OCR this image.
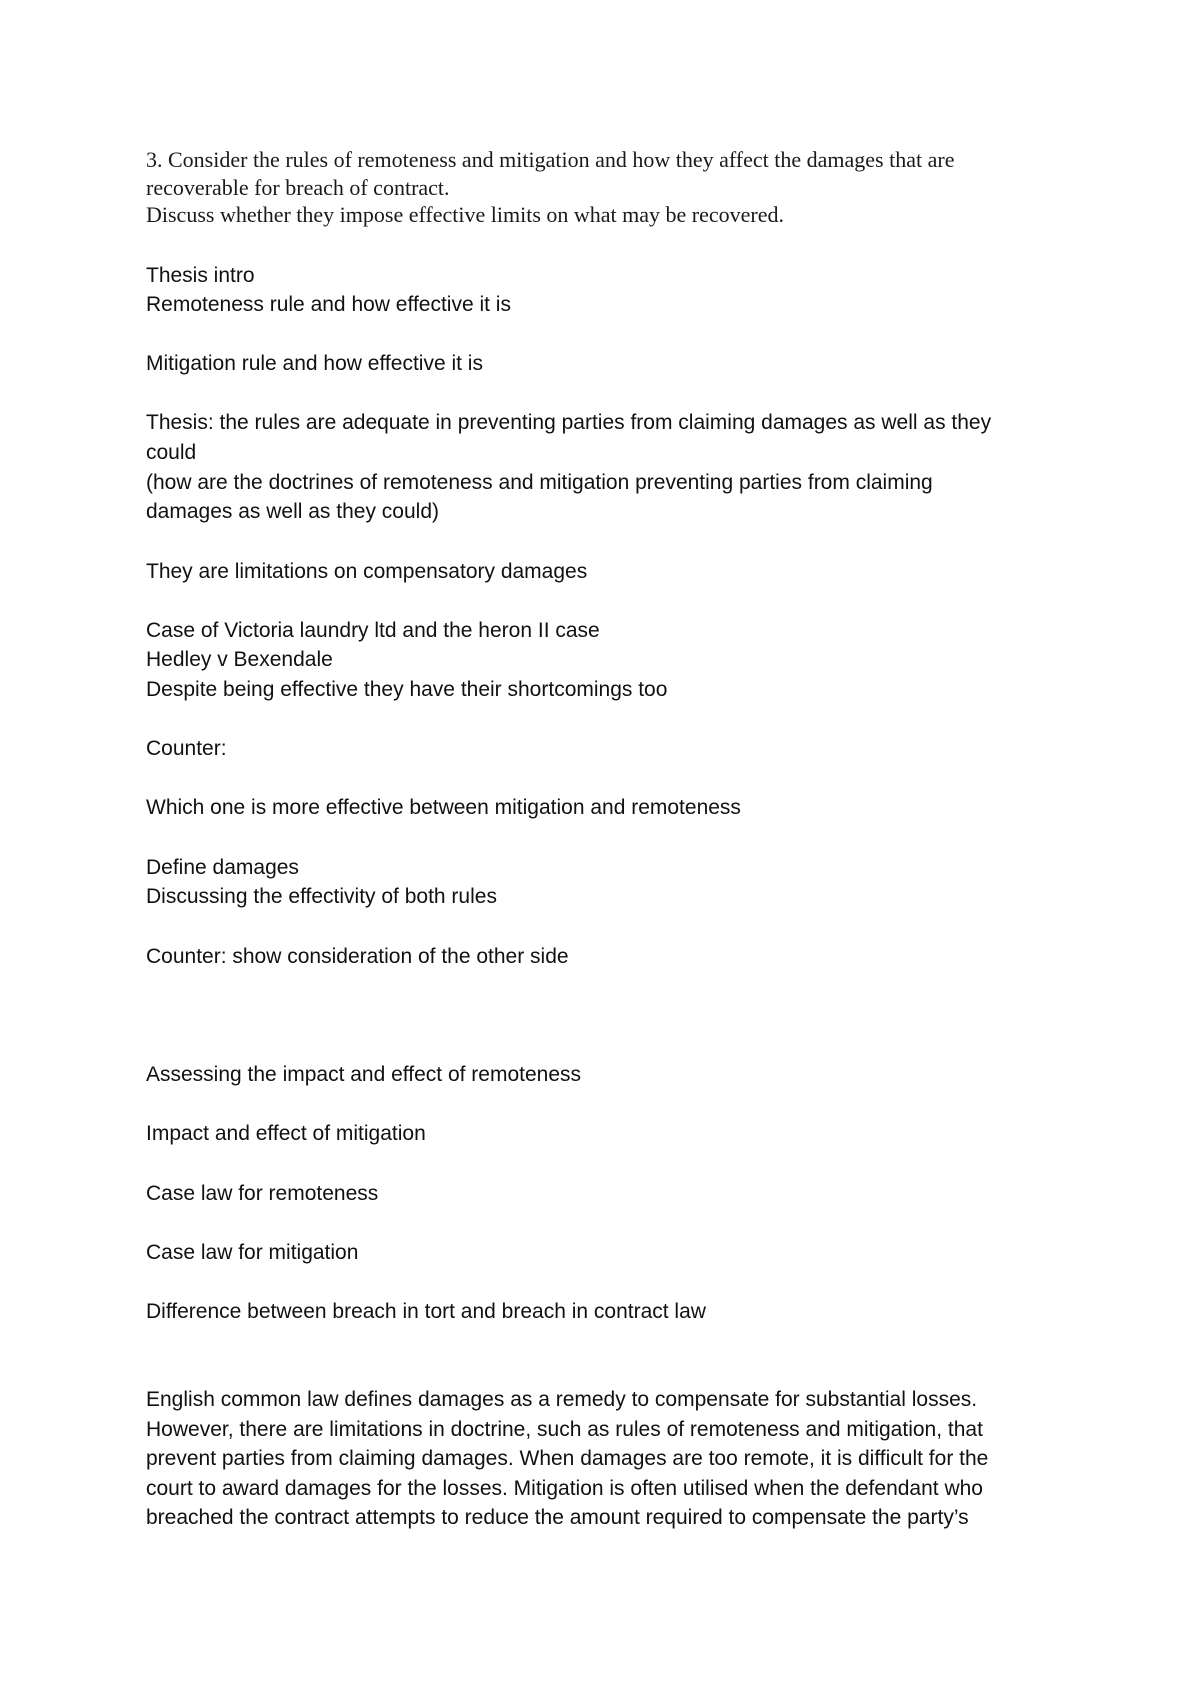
3. Consider the rules of remoteness and mitigation and how they affect the damages that are

recoverable for breach of contract.

Discuss whether they impose effective limits on what may be recovered.

Thesis intro
Remoteness rule and how effective it is
Mitigation rule and how effective it is
Thesis: the rules are adequate in preventing parties from claiming damages as well as they
could
(how are the doctrines of remoteness and mitigation preventing parties from claiming
damages as well as they could)
They are limitations on compensatory damages
Case of Victoria laundry ltd and the heron II case
Hedley v Bexendale
Despite being effective they have their shortcomings too
Counter:
Which one is more effective between mitigation and remoteness
Define damages
Discussing the effectivity of both rules
Counter: show consideration of the other side
Assessing the impact and effect of remoteness
Impact and effect of mitigation
Case law for remoteness
Case law for mitigation
Difference between breach in tort and breach in contract law
English common law defines damages as a remedy to compensate for substantial losses.
However, there are limitations in doctrine, such as rules of remoteness and mitigation, that
prevent parties from claiming damages. When damages are too remote, it is difficult for the
court to award damages for the losses. Mitigation is often utilised when the defendant who
breached the contract attempts to reduce the amount required to compensate the party’s
